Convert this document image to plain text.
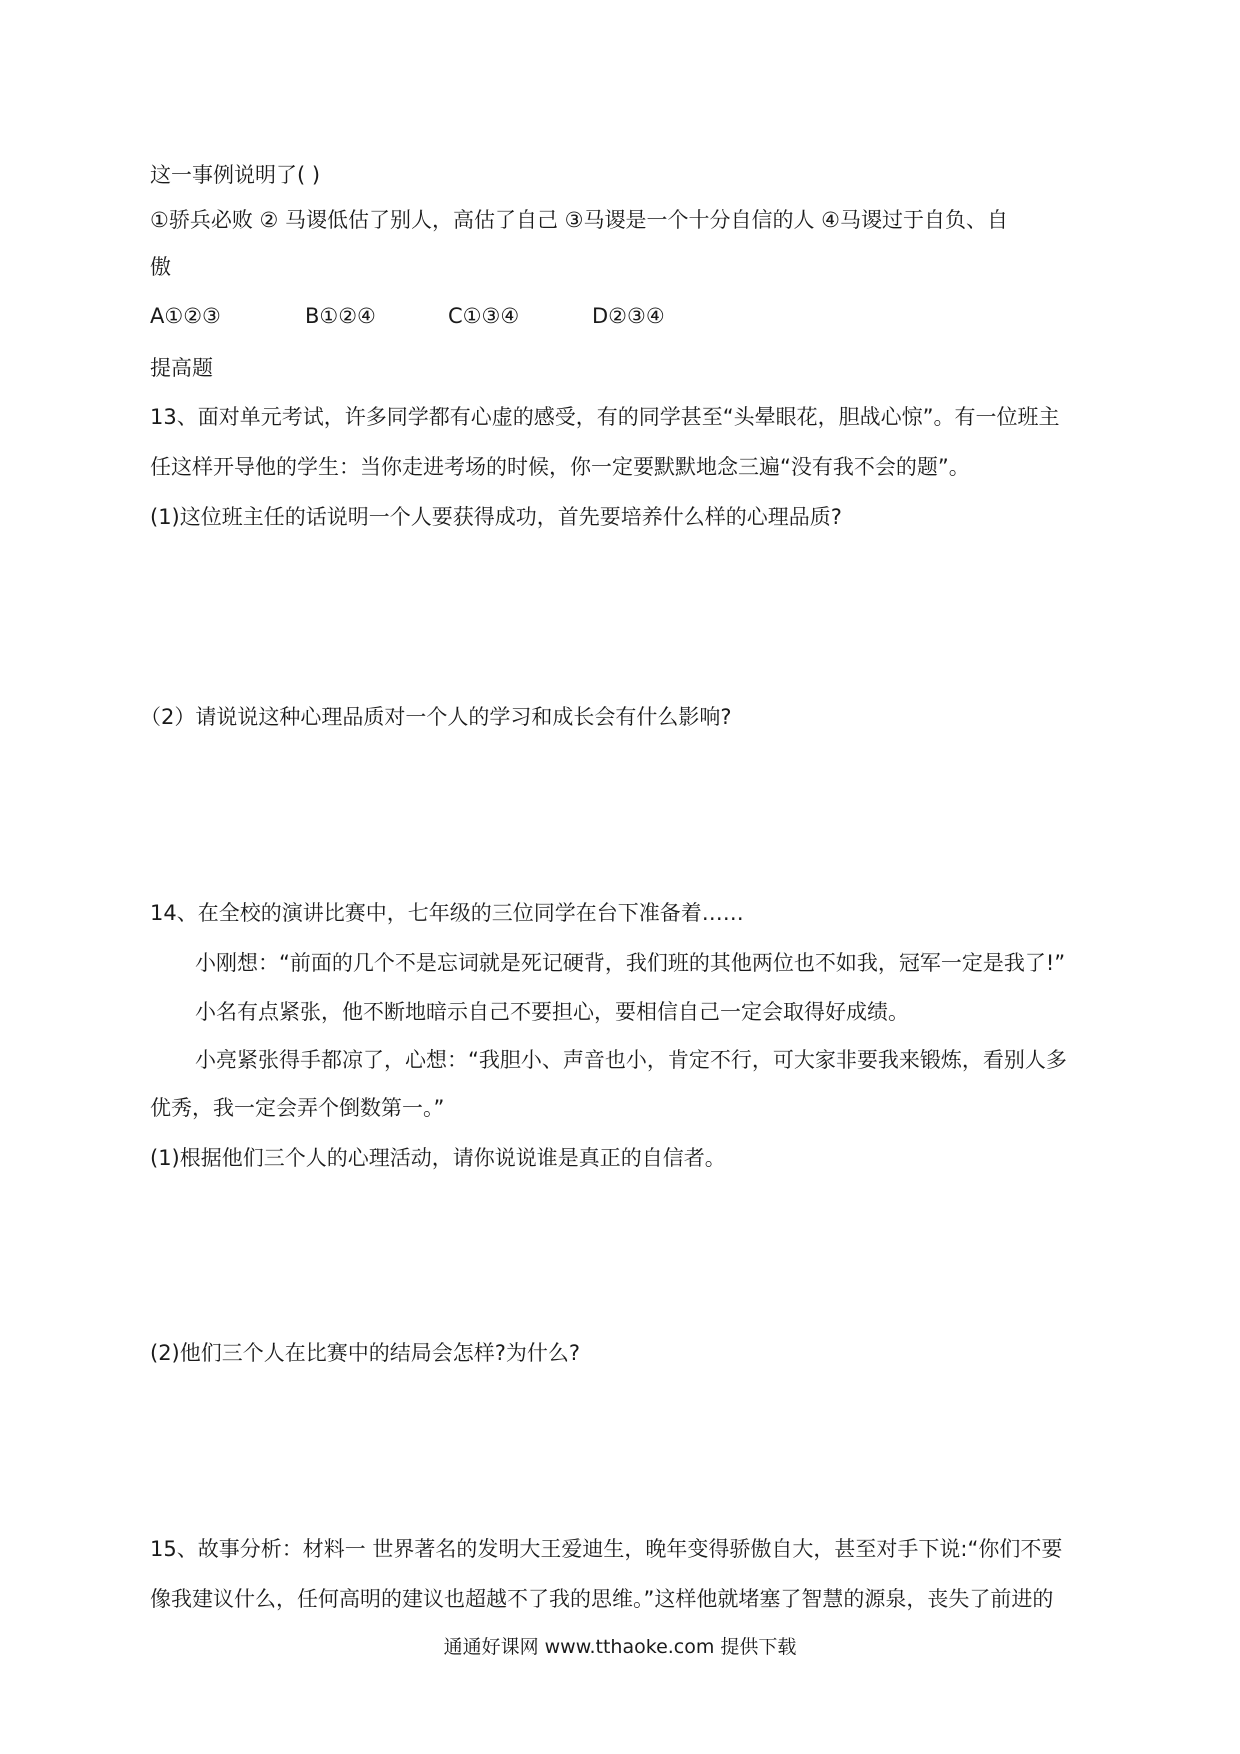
这一事例说明了( )
①骄兵必败 ② 马谡低估了别人，高估了自己 ③马谡是一个十分自信的人 ④马谡过于自负、自
傲
A①②③	B①②④	C①③④	D②③④
提高题
13、面对单元考试，许多同学都有心虚的感受，有的同学甚至“头晕眼花，胆战心惊”。有一位班主
任这样开导他的学生：当你走进考场的时候，你一定要默默地念三遍“没有我不会的题”。
(1)这位班主任的话说明一个人要获得成功，首先要培养什么样的心理品质?
（2）请说说这种心理品质对一个人的学习和成长会有什么影响?
14、在全校的演讲比赛中，七年级的三位同学在台下准备着……
小刚想：“前面的几个不是忘词就是死记硬背，我们班的其他两位也不如我，冠军一定是我了!”
小名有点紧张，他不断地暗示自己不要担心，要相信自己一定会取得好成绩。
小亮紧张得手都凉了，心想：“我胆小、声音也小，肯定不行，可大家非要我来锻炼，看别人多
优秀，我一定会弄个倒数第一。”
(1)根据他们三个人的心理活动，请你说说谁是真正的自信者。
(2)他们三个人在比赛中的结局会怎样?为什么?
15、故事分析：材料一 世界著名的发明大王爱迪生，晚年变得骄傲自大，甚至对手下说:“你们不要
像我建议什么，任何高明的建议也超越不了我的思维。”这样他就堵塞了智慧的源泉，丧失了前进的
通通好课网 www.tthaoke.com 提供下载
